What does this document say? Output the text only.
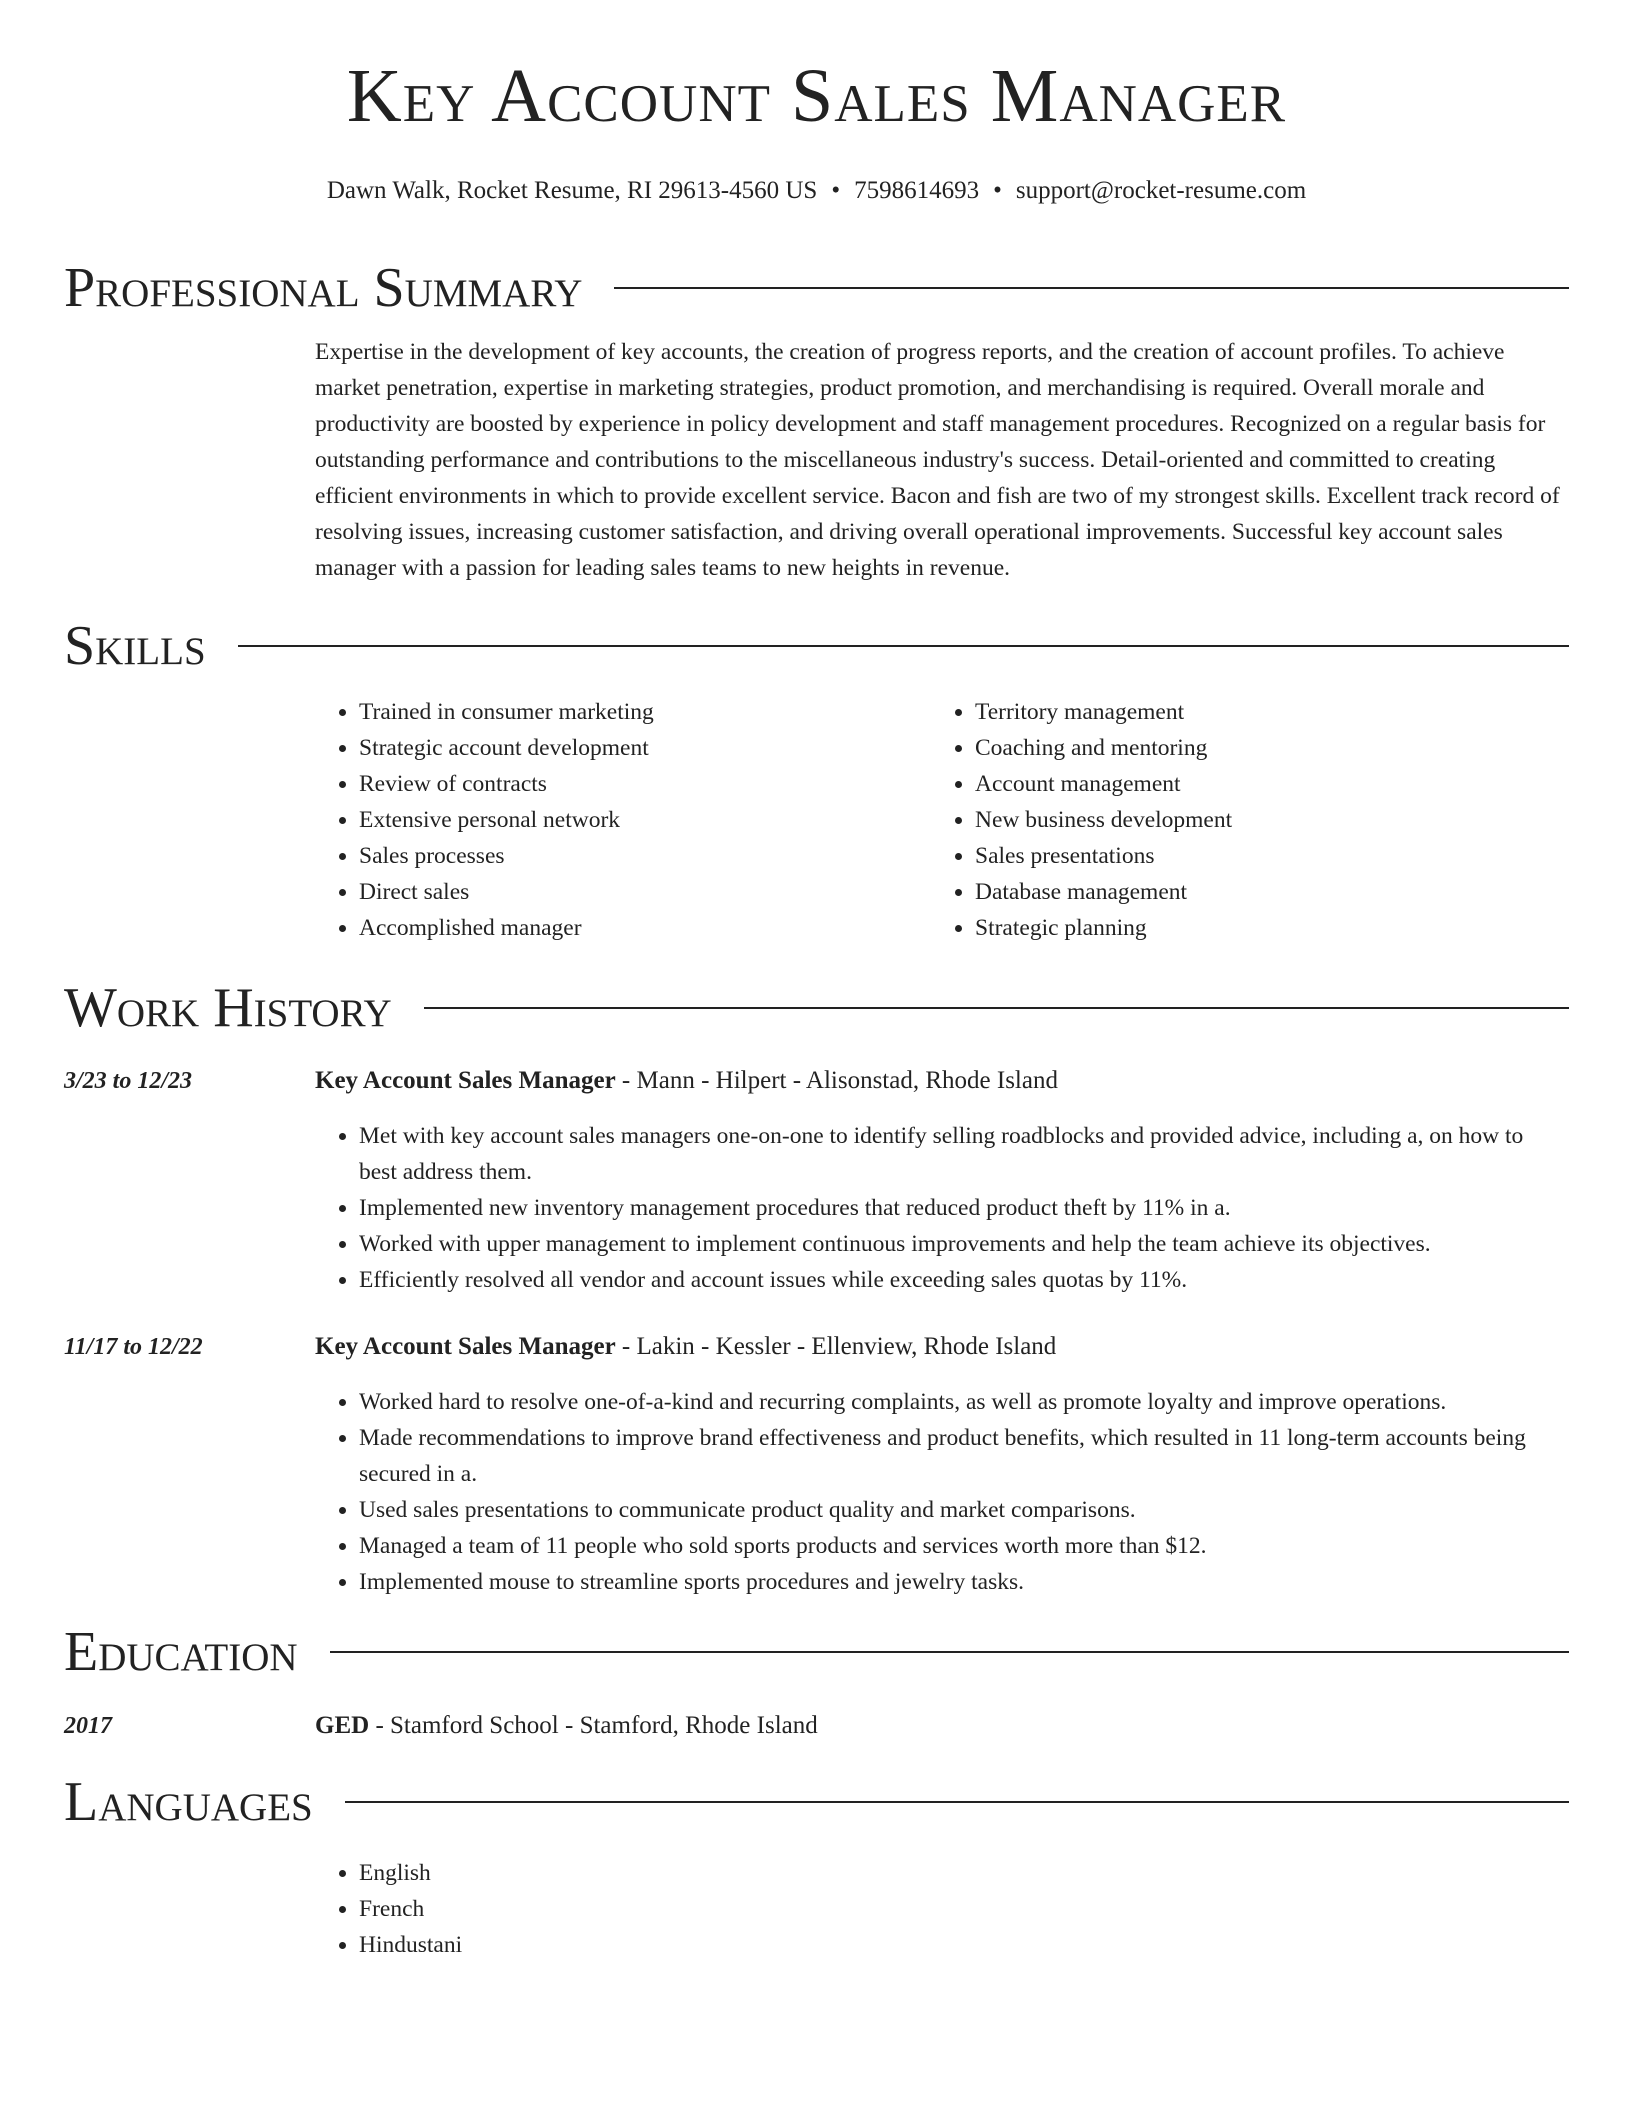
Key Account Sales Manager
Dawn Walk, Rocket Resume, RI 29613-4560 US • 7598614693 • support@rocket-resume.com
Professional Summary
Expertise in the development of key accounts, the creation of progress reports, and the creation of account profiles. To achieve market penetration, expertise in marketing strategies, product promotion, and merchandising is required. Overall morale and productivity are boosted by experience in policy development and staff management procedures. Recognized on a regular basis for outstanding performance and contributions to the miscellaneous industry's success. Detail-oriented and committed to creating efficient environments in which to provide excellent service. Bacon and fish are two of my strongest skills. Excellent track record of resolving issues, increasing customer satisfaction, and driving overall operational improvements. Successful key account sales manager with a passion for leading sales teams to new heights in revenue.
Skills
• Trained in consumer marketing
• Strategic account development
• Review of contracts
• Extensive personal network
• Sales processes
• Direct sales
• Accomplished manager
• Territory management
• Coaching and mentoring
• Account management
• New business development
• Sales presentations
• Database management
• Strategic planning
Work History
3/23 to 12/23	Key Account Sales Manager - Mann - Hilpert - Alisonstad, Rhode Island
• Met with key account sales managers one-on-one to identify selling roadblocks and provided advice, including a, on how to best address them.
• Implemented new inventory management procedures that reduced product theft by 11% in a.
• Worked with upper management to implement continuous improvements and help the team achieve its objectives.
• Efficiently resolved all vendor and account issues while exceeding sales quotas by 11%.
11/17 to 12/22	Key Account Sales Manager - Lakin - Kessler - Ellenview, Rhode Island
• Worked hard to resolve one-of-a-kind and recurring complaints, as well as promote loyalty and improve operations.
• Made recommendations to improve brand effectiveness and product benefits, which resulted in 11 long-term accounts being secured in a.
• Used sales presentations to communicate product quality and market comparisons.
• Managed a team of 11 people who sold sports products and services worth more than $12.
• Implemented mouse to streamline sports procedures and jewelry tasks.
Education
2017	GED - Stamford School - Stamford, Rhode Island
Languages
• English
• French
• Hindustani
